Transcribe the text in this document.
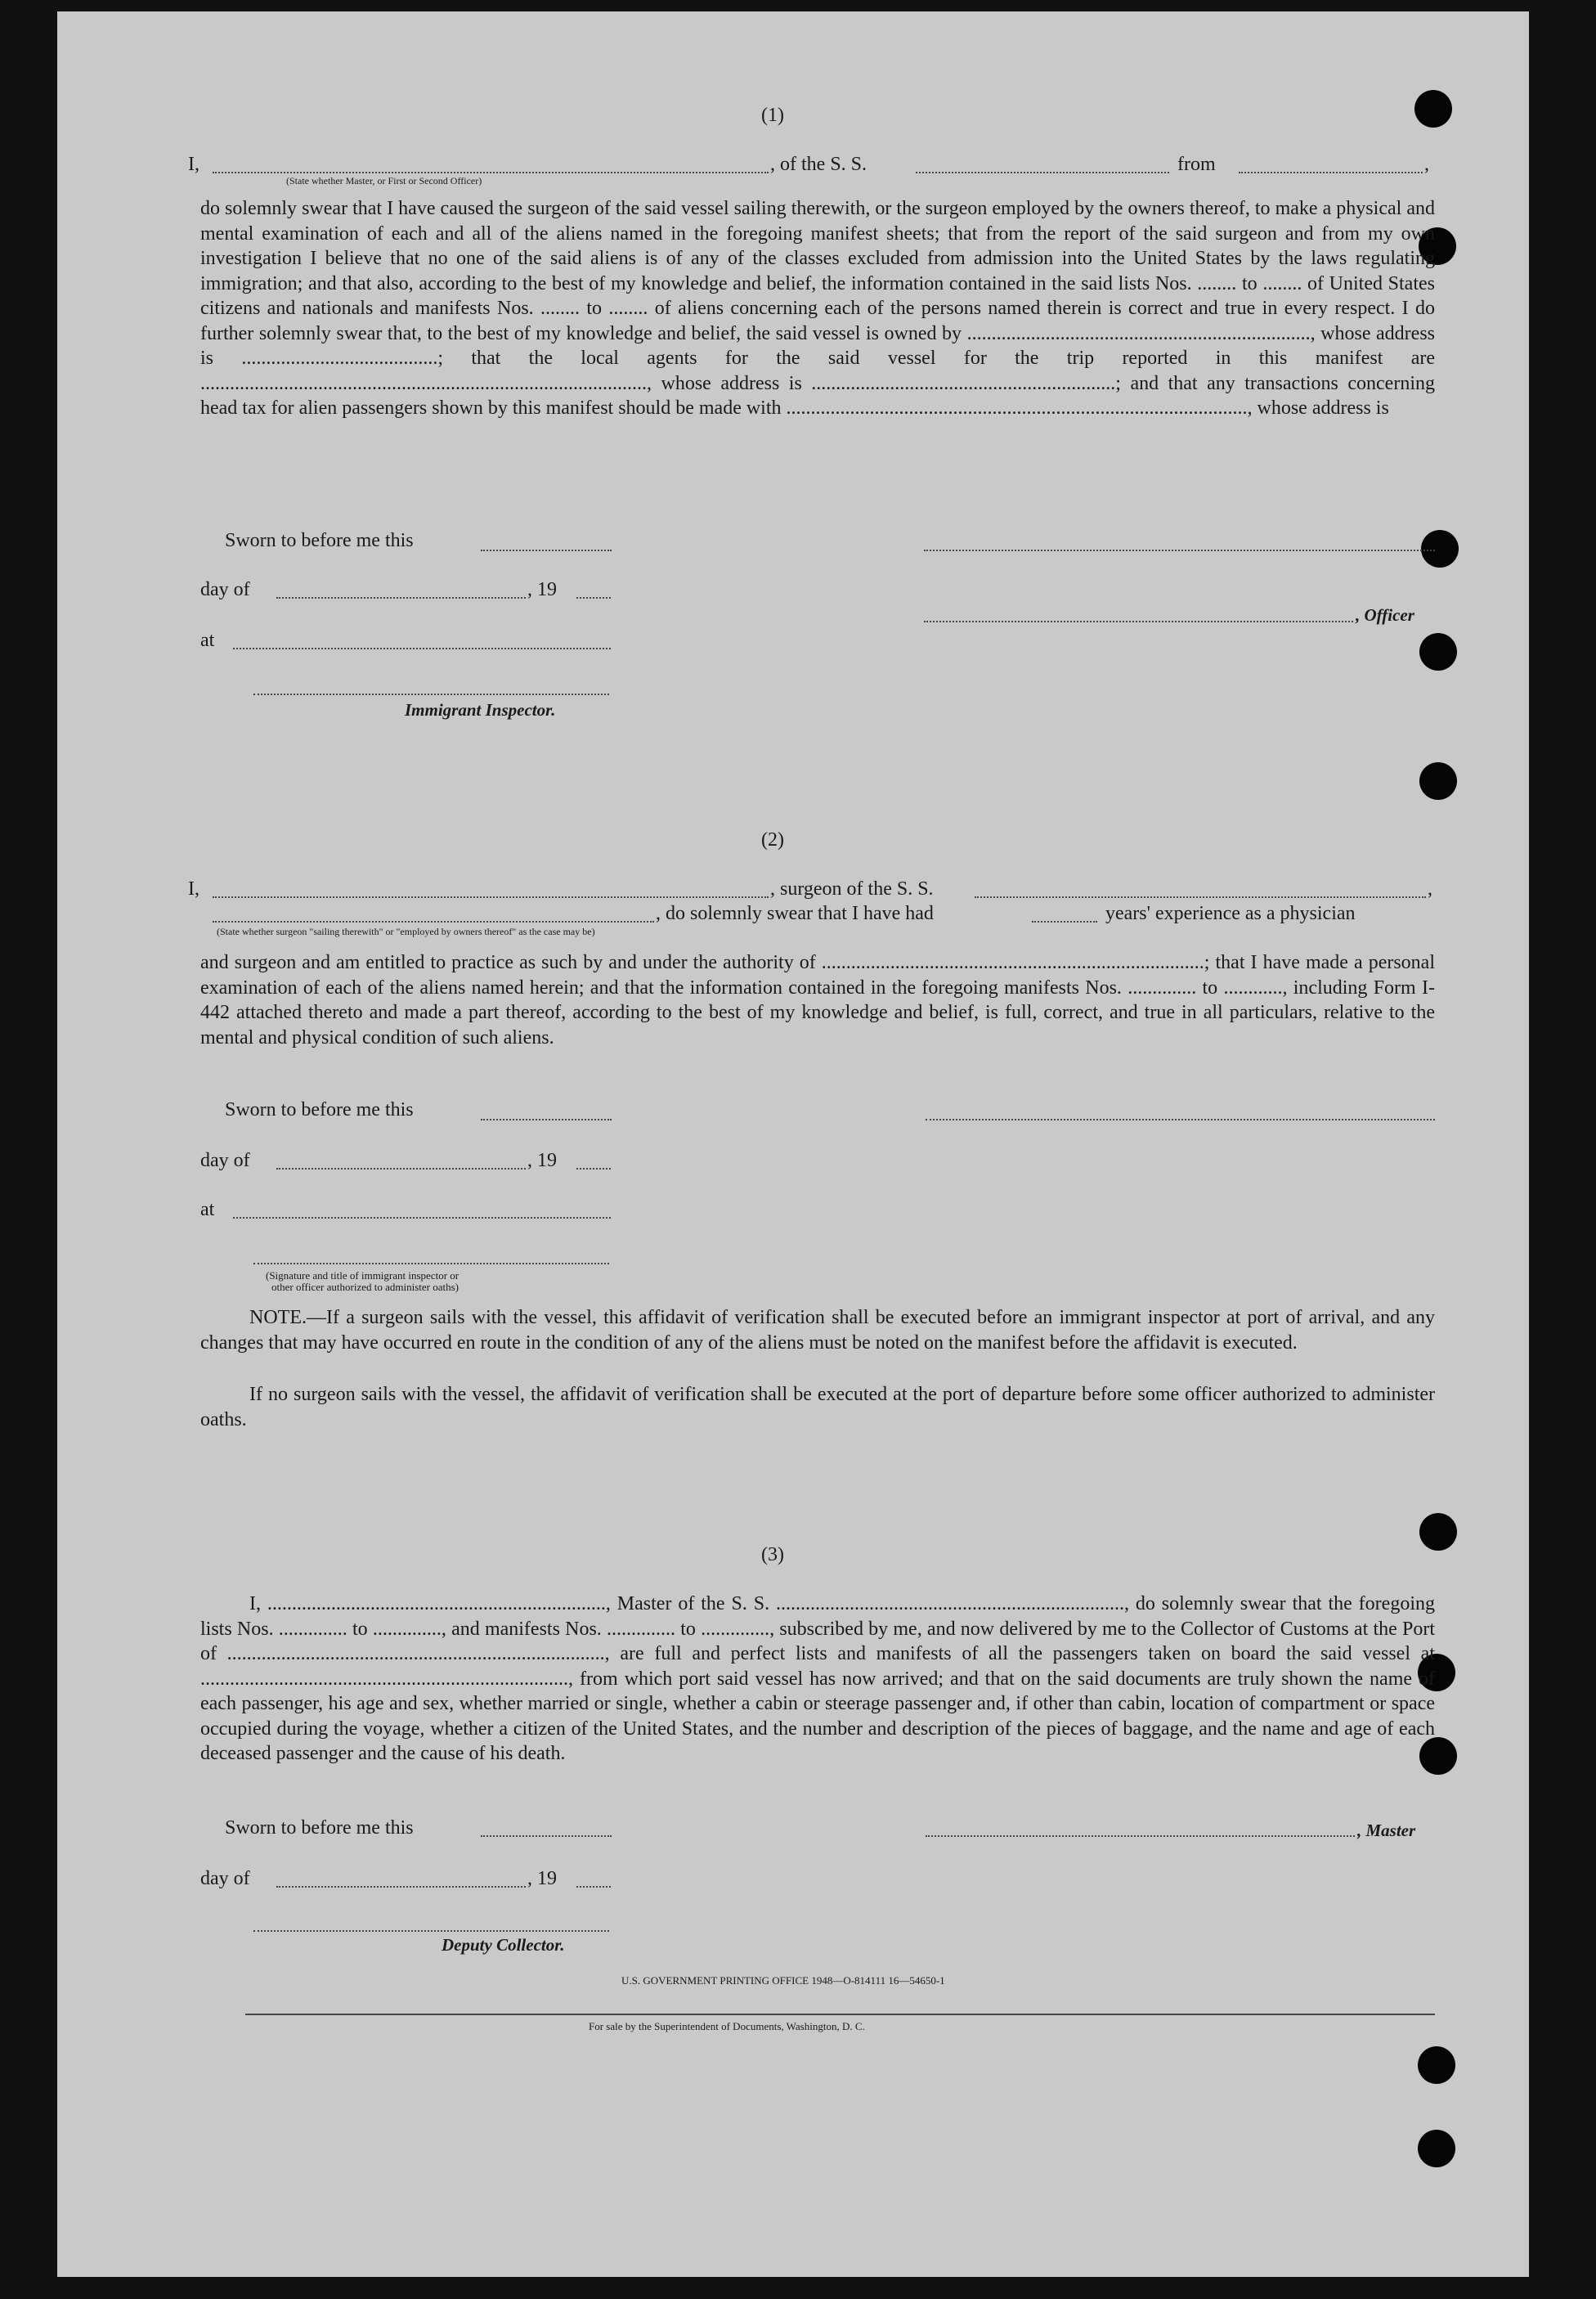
(1)
I,	, of the S. S.	from	,
(State whether Master, or First or Second Officer)
do solemnly swear that I have caused the surgeon of the said vessel sailing therewith, or the surgeon employed by the owners thereof, to make a physical and mental examination of each and all of the aliens named in the foregoing manifest sheets; that from the report of the said surgeon and from my own investigation I believe that no one of the said aliens is of any of the classes excluded from admission into the United States by the laws regulating immigration; and that also, according to the best of my knowledge and belief, the information contained in the said lists Nos. ........ to ........ of United States citizens and nationals and manifests Nos. ........ to ........ of aliens concerning each of the persons named therein is correct and true in every respect. I do further solemnly swear that, to the best of my knowledge and belief, the said vessel is owned by ......................................................................, whose address is ........................................; that the local agents for the said vessel for the trip reported in this manifest are ..........................................................................................., whose address is ..............................................................; and that any transactions concerning head tax for alien passengers shown by this manifest should be made with .............................................................................................., whose address is
Sworn to before me this
day of	, 19
, Officer
at
Immigrant Inspector.
(2)
I,	, surgeon of the S. S.	,
, do solemnly swear that I have had	years' experience as a physician
(State whether surgeon "sailing therewith" or "employed by owners thereof" as the case may be)
and surgeon and am entitled to practice as such by and under the authority of ..............................................................................; that I have made a personal examination of each of the aliens named herein; and that the information contained in the foregoing manifests Nos. .............. to ............, including Form I-442 attached thereto and made a part thereof, according to the best of my knowledge and belief, is full, correct, and true in all particulars, relative to the mental and physical condition of such aliens.
Sworn to before me this
day of	, 19
at
(Signature and title of immigrant inspector or
other officer authorized to administer oaths)
NOTE.—If a surgeon sails with the vessel, this affidavit of verification shall be executed before an immigrant inspector at port of arrival, and any changes that may have occurred en route in the condition of any of the aliens must be noted on the manifest before the affidavit is executed.
If no surgeon sails with the vessel, the affidavit of verification shall be executed at the port of departure before some officer authorized to administer oaths.
(3)
I, ....................................................................., Master of the S. S. ......................................................................., do solemnly swear that the foregoing lists Nos. .............. to .............., and manifests Nos. .............. to .............., subscribed by me, and now delivered by me to the Collector of Customs at the Port of ............................................................................., are full and perfect lists and manifests of all the passengers taken on board the said vessel at ..........................................................................., from which port said vessel has now arrived; and that on the said documents are truly shown the name of each passenger, his age and sex, whether married or single, whether a cabin or steerage passenger and, if other than cabin, location of compartment or space occupied during the voyage, whether a citizen of the United States, and the number and description of the pieces of baggage, and the name and age of each deceased passenger and the cause of his death.
Sworn to before me this	, Master
day of	, 19
Deputy Collector.
U.S. GOVERNMENT PRINTING OFFICE 1948—O-814111 16—54650-1
For sale by the Superintendent of Documents, Washington, D. C.
